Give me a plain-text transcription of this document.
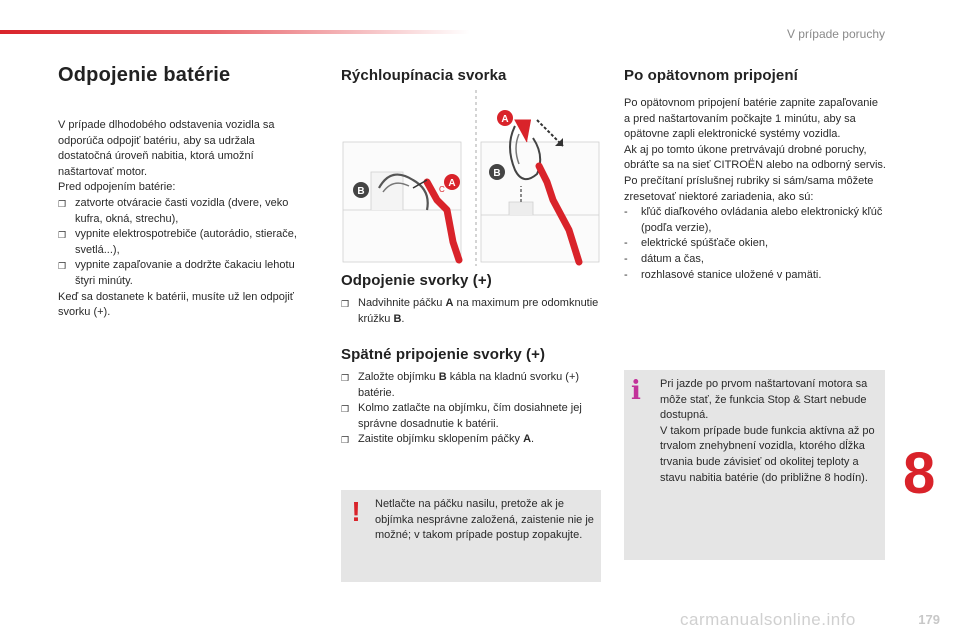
V prípade poruchy
Odpojenie batérie

V prípade dlhodobého odstavenia vozidla sa odporúča odpojiť batériu, aby sa udržala dostatočná úroveň nabitia, ktorá umožní naštartovať motor.

Pred odpojením batérie:

❒ zatvorte otváracie časti vozidla (dvere, veko kufra, okná, strechu),
❒ vypnite elektrospotrebiče (autorádio, stierače, svetlá...),
❒ vypnite zapaľovanie a dodržte čakaciu lehotu štyri minúty.

Keď sa dostanete k batérii, musíte už len odpojiť svorku (+).

Rýchloupínacia svorka
B
A
C
A
B
Odpojenie svorky (+)
❒ Nadvihnite páčku A na maximum pre odomknutie krúžku B.
Spätné pripojenie svorky (+)
❒ Založte objímku B kábla na kladnú svorku (+) batérie.
❒ Kolmo zatlačte na objímku, čím dosiahnete jej správne dosadnutie k batérii.
❒ Zaistite objímku sklopením páčky A.
! Netlačte na páčku nasilu, pretože ak je objímka nesprávne založená, zaistenie nie je možné; v takom prípade postup zopakujte.
Po opätovnom pripojení

Po opätovnom pripojení batérie zapnite zapaľovanie a pred naštartovaním počkajte 1 minútu, aby sa opätovne zapli elektronické systémy vozidla.

Ak aj po tomto úkone pretrvávajú drobné poruchy, obráťte sa na sieť CITROËN alebo na odborný servis.

Po prečítaní príslušnej rubriky si sám/sama môžete zresetovať niektoré zariadenia, ako sú:

-	kľúč diaľkového ovládania alebo elektronický kľúč (podľa verzie),
-	elektrické spúšťače okien,
-	dátum a čas,
-	rozhlasové stanice uložené v pamäti.
i Pri jazde po prvom naštartovaní motora sa môže stať, že funkcia Stop & Start nebude dostupná.
V takom prípade bude funkcia aktívna až po trvalom znehybnení vozidla, ktorého dĺžka trvania bude závisieť od okolitej teploty a stavu nabitia batérie (do približne 8 hodín). 8
carmanualsonline.info	179
